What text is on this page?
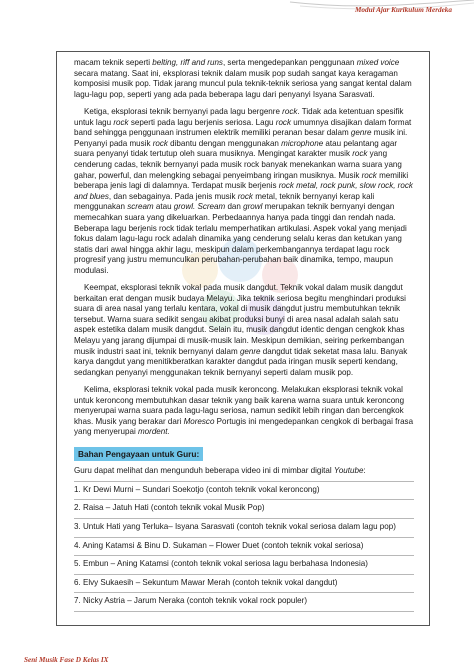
Modul Ajar Kurikulum Merdeka

macam teknik seperti belting, riff and runs, serta mengedepankan penggunaan mixed voice secara matang. Saat ini, eksplorasi teknik dalam musik pop sudah sangat kaya keragaman komposisi musik pop. Tidak jarang muncul pula teknik-teknik seriosa yang sangat kental dalam lagu-lagu pop, seperti yang ada pada beberapa lagu dari penyanyi Isyana Sarasvati.

Ketiga, eksplorasi teknik bernyanyi pada lagu bergenre rock. Tidak ada ketentuan spesifik untuk lagu rock seperti pada lagu berjenis seriosa. Lagu rock umumnya disajikan dalam format band sehingga penggunaan instrumen elektrik memiliki peranan besar dalam genre musik ini. Penyanyi pada musik rock dibantu dengan menggunakan microphone atau pelantang agar suara penyanyi tidak tertutup oleh suara musiknya. Mengingat karakter musik rock yang cenderung cadas, teknik bernyanyi pada musik rock banyak menekankan warna suara yang gahar, powerful, dan melengking sebagai penyeimbang iringan musiknya. Musik rock memiliki beberapa jenis lagi di dalamnya. Terdapat musik berjenis rock metal, rock punk, slow rock, rock and blues, dan sebagainya. Pada jenis musik rock metal, teknik bernyanyi kerap kali menggunakan scream atau growl. Scream dan growl merupakan teknik bernyanyi dengan memecahkan suara yang dikeluarkan. Perbedaannya hanya pada tinggi dan rendah nada. Beberapa lagu berjenis rock tidak terlalu memperhatikan artikulasi. Aspek vokal yang menjadi fokus dalam lagu-lagu rock adalah dinamika yang cenderung selalu keras dan ketukan yang statis dari awal hingga akhir lagu, meskipun dalam perkembangannya terdapat lagu rock progresif yang justru memunculkan perubahan-perubahan baik dinamika, tempo, maupun modulasi.

Keempat, eksplorasi teknik vokal pada musik dangdut. Teknik vokal dalam musik dangdut berkaitan erat dengan musik budaya Melayu. Jika teknik seriosa begitu menghindari produksi suara di area nasal yang terlalu kentara, vokal di musik dangdut justru membutuhkan teknik tersebut. Warna suara sedikit sengau akibat produksi bunyi di area nasal adalah salah satu aspek estetika dalam musik dangdut. Selain itu, musik dangdut identic dengan cengkok khas Melayu yang jarang dijumpai di musik-musik lain. Meskipun demikian, seiring perkembangan musik industri saat ini, teknik bernyanyi dalam genre dangdut tidak seketat masa lalu. Banyak karya dangdut yang menitikberatkan karakter dangdut pada iringan musik seperti kendang, sedangkan penyanyi menggunakan teknik bernyanyi seperti dalam musik pop.

Kelima, eksplorasi teknik vokal pada musik keroncong. Melakukan eksplorasi teknik vokal untuk keroncong membutuhkan dasar teknik yang baik karena warna suara untuk keroncong menyerupai warna suara pada lagu-lagu seriosa, namun sedikit lebih ringan dan bercengkok khas. Musik yang berakar dari Moresco Portugis ini mengedepankan cengkok di berbagai frasa yang menyerupai mordent.

Bahan Pengayaan untuk Guru:

Guru dapat melihat dan mengunduh beberapa video ini di mimbar digital Youtube:

1. Kr Dewi Murni – Sundari Soekotjo (contoh teknik vokal keroncong)
2. Raisa – Jatuh Hati (contoh teknik vokal Musik Pop)
3. Untuk Hati yang Terluka– Isyana Sarasvati (contoh teknik vokal seriosa dalam lagu pop)
4. Aning Katamsi & Binu D. Sukaman – Flower Duet (contoh teknik vokal seriosa)
5. Embun – Aning Katamsi (contoh teknik vokal seriosa lagu berbahasa Indonesia)
6. Elvy Sukaesih – Sekuntum Mawar Merah (contoh teknik vokal dangdut)
7. Nicky Astria – Jarum Neraka (contoh teknik vokal rock populer)
Seni Musik Fase D Kelas IX
